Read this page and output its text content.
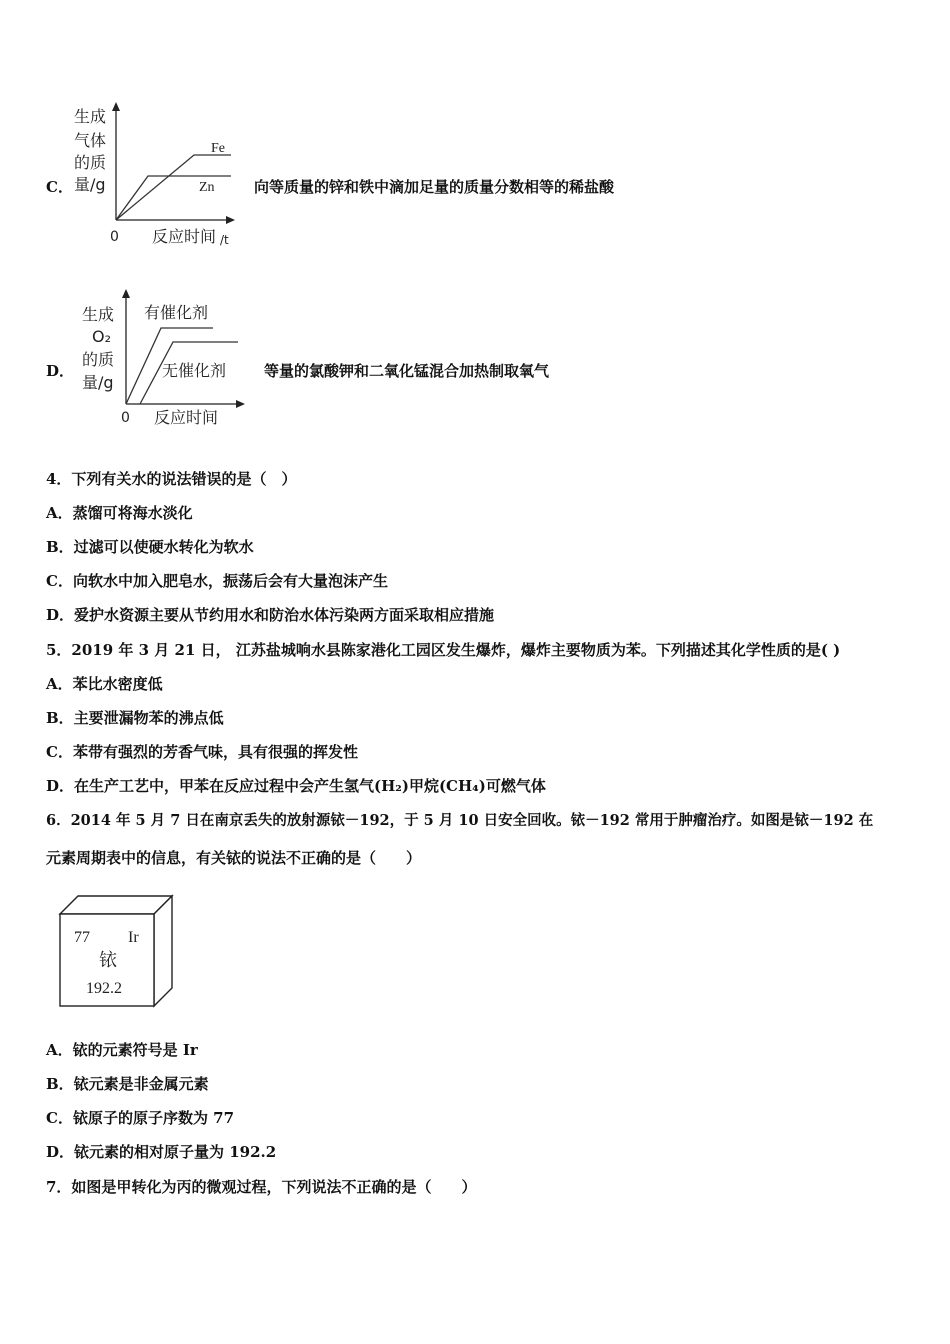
C．
生成
气体
的质
量/g
Fe
Zn
0 反应时间 /t
向等质量的锌和铁中滴加足量的质量分数相等的稀盐酸
D．
生成
O₂
的质
量/g
有催化剂
无催化剂
0 反应时间
等量的氯酸钾和二氧化锰混合加热制取氧气
4．下列有关水的说法错误的是（　）
A．蒸馏可将海水淡化
B．过滤可以使硬水转化为软水
C．向软水中加入肥皂水，振荡后会有大量泡沫产生
D．爱护水资源主要从节约用水和防治水体污染两方面采取相应措施
5．2019 年 3 月 21 日， 江苏盐城响水县陈家港化工园区发生爆炸，爆炸主要物质为苯。下列描述其化学性质的是( )
A．苯比水密度低
B．主要泄漏物苯的沸点低
C．苯带有强烈的芳香气味，具有很强的挥发性
D．在生产工艺中，甲苯在反应过程中会产生氢气(H₂)甲烷(CH₄)可燃气体
6．2014 年 5 月 7 日在南京丢失的放射源铱－192，于 5 月 10 日安全回收。铱－192 常用于肿瘤治疗。如图是铱－192 在
元素周期表中的信息，有关铱的说法不正确的是（　　）
77 Ir
铱
192.2
A．铱的元素符号是 Ir
B．铱元素是非金属元素
C．铱原子的原子序数为 77
D．铱元素的相对原子量为 192.2
7．如图是甲转化为丙的微观过程，下列说法不正确的是（　　）
